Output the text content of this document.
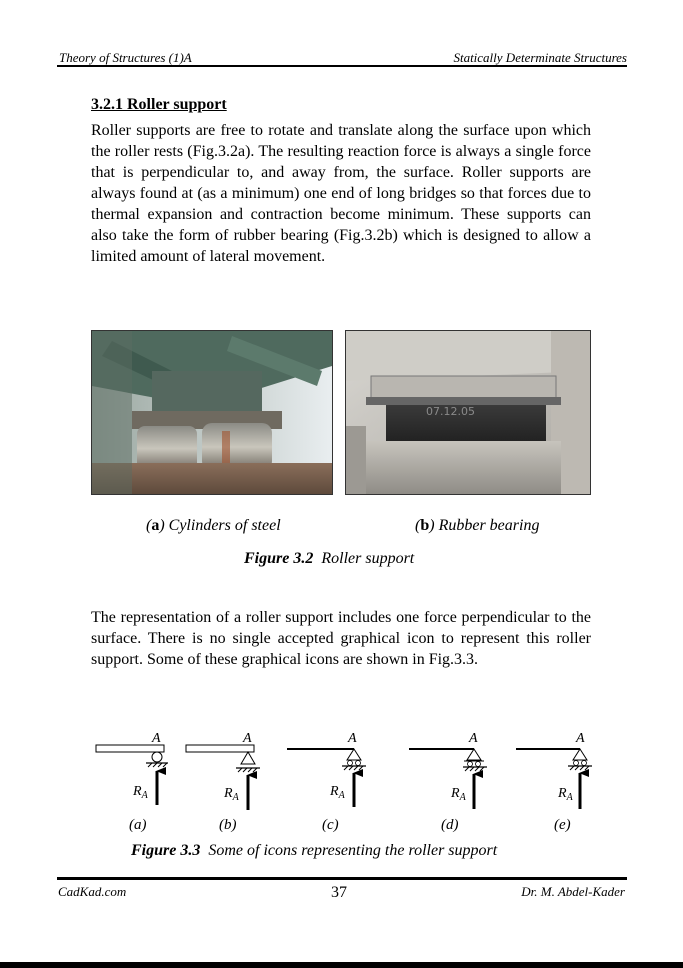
Theory of Structures (1)A	Statically Determinate Structures
3.2.1 Roller support
Roller supports are free to rotate and translate along the surface upon which the roller rests (Fig.3.2a). The resulting reaction force is always a single force that is perpendicular to, and away from, the surface. Roller supports are always found at (as a minimum) one end of long bridges so that forces due to thermal expansion and contraction become minimum. These supports can also take the form of rubber bearing (Fig.3.2b) which is designed to allow a limited amount of lateral movement.
07.12.05
(a) Cylinders of steel	(b) Rubber bearing
Figure 3.2 Roller support
The representation of a roller support includes one force perpendicular to the surface. There is no single accepted graphical icon to represent this roller support. Some of these graphical icons are shown in Fig.3.3.
A
$R_A$
(a)
A
$R_A$
(b)
A
$R_A$
(c)
A
$R_A$
(d)
A
$R_A$
(e)
Figure 3.3 Some of icons representing the roller support
CadKad.com	37	Dr. M. Abdel-Kader
